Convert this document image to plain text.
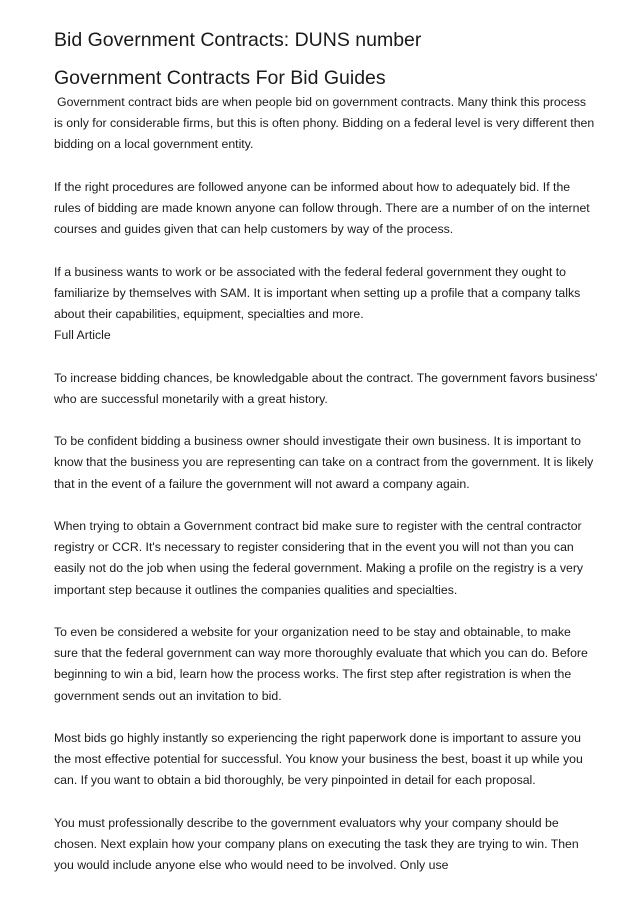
Bid Government Contracts: DUNS number
Government Contracts For Bid Guides

Government contract bids are when people bid on government contracts. Many think this process is only for considerable firms, but this is often phony. Bidding on a federal level is very different then bidding on a local government entity.

If the right procedures are followed anyone can be informed about how to adequately bid. If the rules of bidding are made known anyone can follow through. There are a number of on the internet courses and guides given that can help customers by way of the process.

If a business wants to work or be associated with the federal federal government they ought to familiarize by themselves with SAM. It is important when setting up a profile that a company talks about their capabilities, equipment, specialties and more.

Full Article

To increase bidding chances, be knowledgable about the contract. The government favors business' who are successful monetarily with a great history.

To be confident bidding a business owner should investigate their own business. It is important to know that the business you are representing can take on a contract from the government. It is likely that in the event of a failure the government will not award a company again.

When trying to obtain a Government contract bid make sure to register with the central contractor registry or CCR. It's necessary to register considering that in the event you will not than you can easily not do the job when using the federal government. Making a profile on the registry is a very important step because it outlines the companies qualities and specialties.

To even be considered a website for your organization need to be stay and obtainable, to make sure that the federal government can way more thoroughly evaluate that which you can do. Before beginning to win a bid, learn how the process works. The first step after registration is when the government sends out an invitation to bid.

Most bids go highly instantly so experiencing the right paperwork done is important to assure you the most effective potential for successful. You know your business the best, boast it up while you can. If you want to obtain a bid thoroughly, be very pinpointed in detail for each proposal.

You must professionally describe to the government evaluators why your company should be chosen. Next explain how your company plans on executing the task they are trying to win. Then you would include anyone else who would need to be involved. Only use
